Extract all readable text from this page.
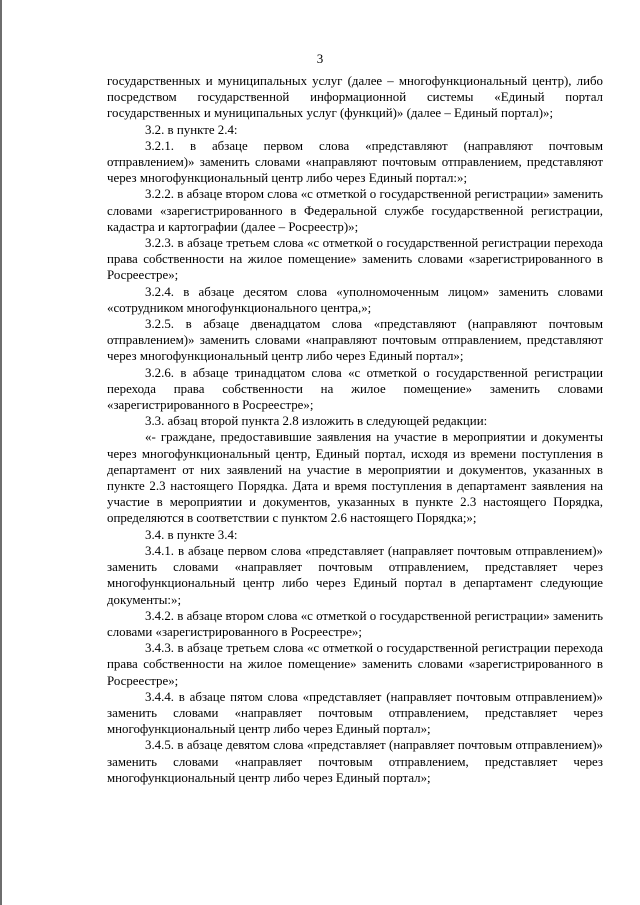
3

государственных и муниципальных услуг (далее – многофункциональный центр), либо посредством государственной информационной системы «Единый портал государственных и муниципальных услуг (функций)» (далее – Единый портал)»;

3.2. в пункте 2.4:

3.2.1. в абзаце первом слова «представляют (направляют почтовым отправлением)» заменить словами «направляют почтовым отправлением, представляют через многофункциональный центр либо через Единый портал:»;

3.2.2. в абзаце втором слова «с отметкой о государственной регистрации» заменить словами «зарегистрированного в Федеральной службе государственной регистрации, кадастра и картографии (далее – Росреестр)»;

3.2.3. в абзаце третьем слова «с отметкой о государственной регистрации перехода права собственности на жилое помещение» заменить словами «зарегистрированного в Росреестре»;

3.2.4. в абзаце десятом слова «уполномоченным лицом» заменить словами «сотрудником многофункционального центра,»;

3.2.5. в абзаце двенадцатом слова «представляют (направляют почтовым отправлением)» заменить словами «направляют почтовым отправлением, представляют через многофункциональный центр либо через Единый портал»;

3.2.6. в абзаце тринадцатом слова «с отметкой о государственной регистрации перехода права собственности на жилое помещение» заменить словами «зарегистрированного в Росреестре»;

3.3. абзац второй пункта 2.8 изложить в следующей редакции:

«- граждане, предоставившие заявления на участие в мероприятии и документы через многофункциональный центр, Единый портал, исходя из времени поступления в департамент от них заявлений на участие в мероприятии и документов, указанных в пункте 2.3 настоящего Порядка. Дата и время поступления в департамент заявления на участие в мероприятии и документов, указанных в пункте 2.3 настоящего Порядка, определяются в соответствии с пунктом 2.6 настоящего Порядка;»;

3.4. в пункте 3.4:

3.4.1. в абзаце первом слова «представляет (направляет почтовым отправлением)» заменить словами «направляет почтовым отправлением, представляет через многофункциональный центр либо через Единый портал в департамент следующие документы:»;

3.4.2. в абзаце втором слова «с отметкой о государственной регистрации» заменить словами «зарегистрированного в Росреестре»;

3.4.3. в абзаце третьем слова «с отметкой о государственной регистрации перехода права собственности на жилое помещение» заменить словами «зарегистрированного в Росреестре»;

3.4.4. в абзаце пятом слова «представляет (направляет почтовым отправлением)» заменить словами «направляет почтовым отправлением, представляет через многофункциональный центр либо через Единый портал»;

3.4.5. в абзаце девятом слова «представляет (направляет почтовым отправлением)» заменить словами «направляет почтовым отправлением, представляет через многофункциональный центр либо через Единый портал»;
